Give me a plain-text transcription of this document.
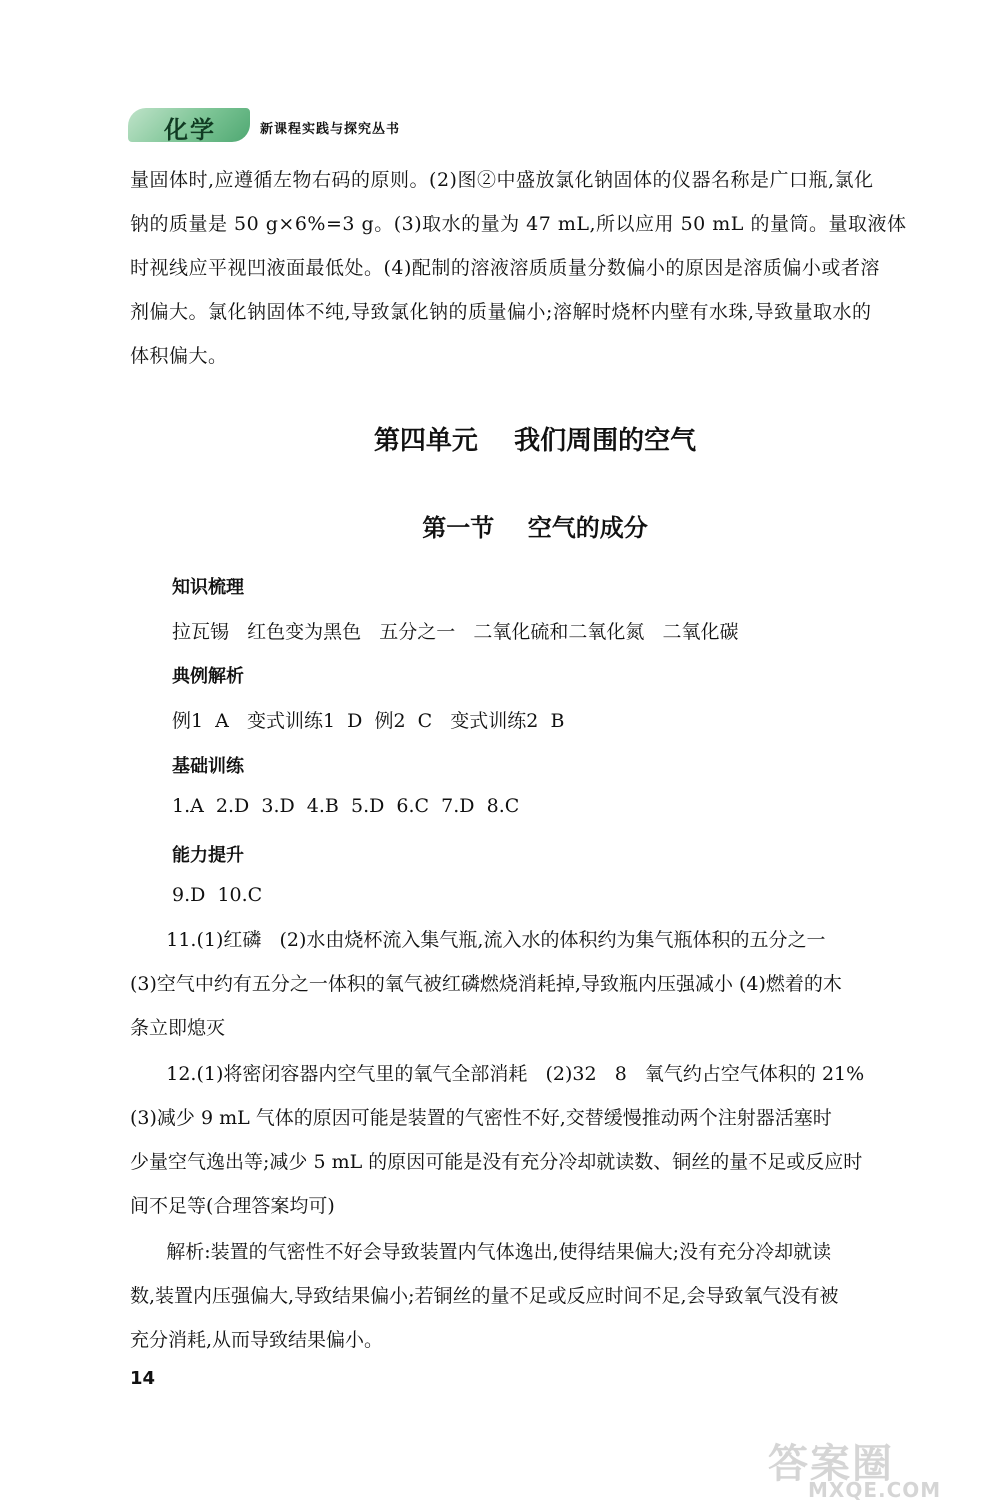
化学	新课程实践与探究丛书
量固体时,应遵循左物右码的原则。(2)图②中盛放氯化钠固体的仪器名称是广口瓶,氯化
钠的质量是 50 g×6%=3 g。(3)取水的量为 47 mL,所以应用 50 mL 的量筒。量取液体
时视线应平视凹液面最低处。(4)配制的溶液溶质质量分数偏小的原因是溶质偏小或者溶
剂偏大。氯化钠固体不纯,导致氯化钠的质量偏小;溶解时烧杯内壁有水珠,导致量取水的
体积偏大。
第四单元    我们周围的空气
第一节    空气的成分
知识梳理
拉瓦锡   红色变为黑色   五分之一   二氧化硫和二氧化氮   二氧化碳
典例解析
例1  A   变式训练1  D  例2  C   变式训练2  B
基础训练
1.A  2.D  3.D  4.B  5.D  6.C  7.D  8.C
能力提升
9.D  10.C
11.(1)红磷   (2)水由烧杯流入集气瓶,流入水的体积约为集气瓶体积的五分之一
(3)空气中约有五分之一体积的氧气被红磷燃烧消耗掉,导致瓶内压强减小 (4)燃着的木
条立即熄灭
12.(1)将密闭容器内空气里的氧气全部消耗   (2)32   8   氧气约占空气体积的 21%
(3)减少 9 mL 气体的原因可能是装置的气密性不好,交替缓慢推动两个注射器活塞时
少量空气逸出等;减少 5 mL 的原因可能是没有充分冷却就读数、铜丝的量不足或反应时
间不足等(合理答案均可)
解析:装置的气密性不好会导致装置内气体逸出,使得结果偏大;没有充分冷却就读
数,装置内压强偏大,导致结果偏小;若铜丝的量不足或反应时间不足,会导致氧气没有被
充分消耗,从而导致结果偏小。
14
答案圈
MXQE.COM
